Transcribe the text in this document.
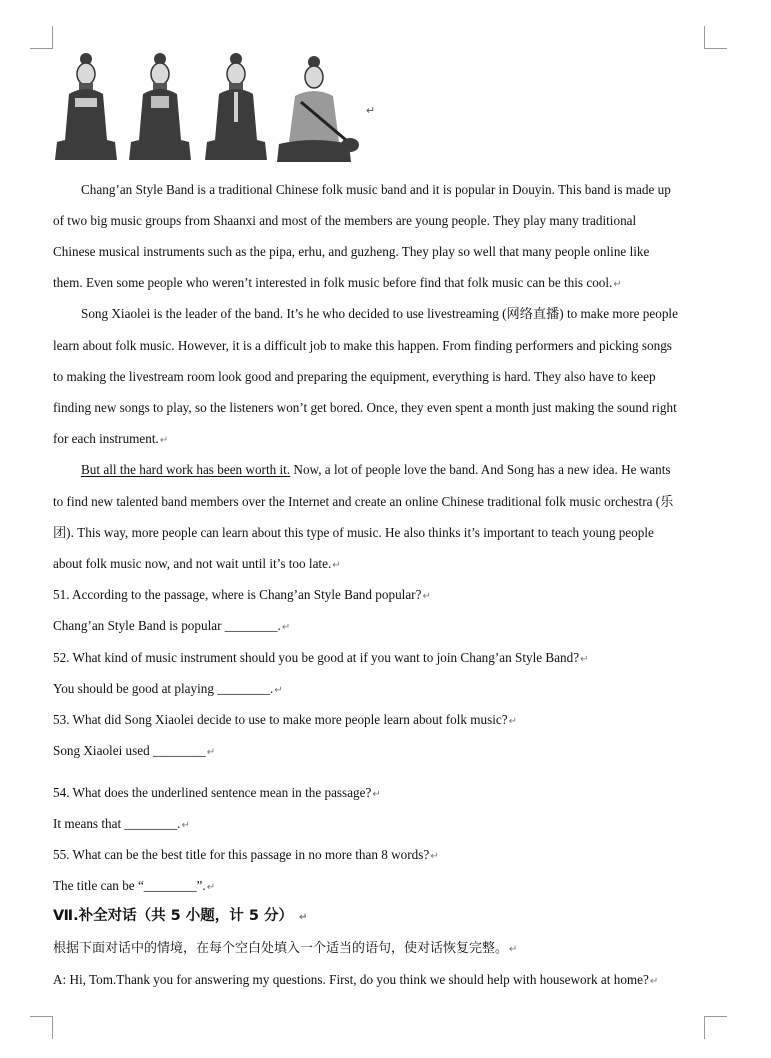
↵
Chang’an Style Band is a traditional Chinese folk music band and it is popular in Douyin. This band is made up
of two big music groups from Shaanxi and most of the members are young people. They play many traditional
Chinese musical instruments such as the pipa, erhu, and guzheng. They play so well that many people online like
them. Even some people who weren’t interested in folk music before find that folk music can be this cool.↵
Song Xiaolei is the leader of the band. It’s he who decided to use livestreaming (网络直播) to make more people
learn about folk music. However, it is a difficult job to make this happen. From finding performers and picking songs
to making the livestream room look good and preparing the equipment, everything is hard. They also have to keep
finding new songs to play, so the listeners won’t get bored. Once, they even spent a month just making the sound right
for each instrument.↵
But all the hard work has been worth it. Now, a lot of people love the band. And Song has a new idea. He wants
to find new talented band members over the Internet and create an online Chinese traditional folk music orchestra (乐
团). This way, more people can learn about this type of music. He also thinks it’s important to teach young people
about folk music now, and not wait until it’s too late.↵
51. According to the passage, where is Chang’an Style Band popular?↵
Chang’an Style Band is popular ________.↵
52. What kind of music instrument should you be good at if you want to join Chang’an Style Band?↵
You should be good at playing ________.↵
53. What did Song Xiaolei decide to use to make more people learn about folk music?↵
Song Xiaolei used ________↵
54. What does the underlined sentence mean in the passage?↵
It means that ________.↵
55. What can be the best title for this passage in no more than 8 words?↵
The title can be “________”.↵
Ⅶ.补全对话（共 5 小题，计 5 分） ↵
根据下面对话中的情境，在每个空白处填入一个适当的语句，使对话恢复完整。↵
A: Hi, Tom.Thank you for answering my questions. First, do you think we should help with housework at home?↵
